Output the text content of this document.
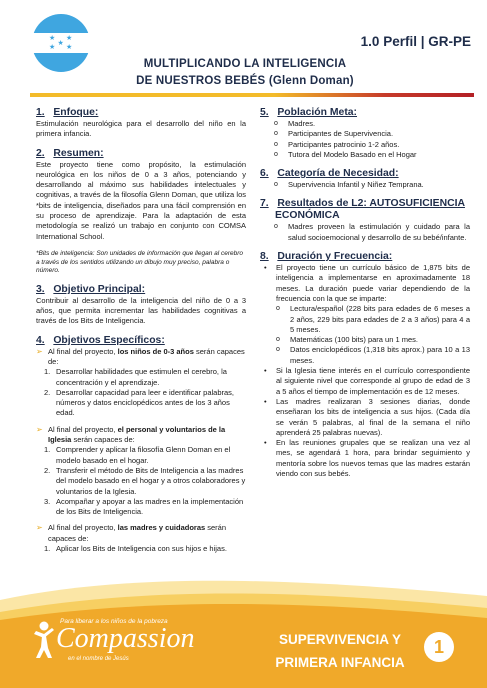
★ ★
★
★ ★	1.0 Perfil | GR-PE
MULTIPLICANDO LA INTELIGENCIA
DE NUESTROS BEBÉS (Glenn Doman)
1. Enfoque:
Estimulación neurológica para el desarrollo del niño en la primera infancia.
2. Resumen:
Este proyecto tiene como propósito, la estimulación neurológica en los niños de 0 a 3 años, potenciando y desarrollando al máximo sus habilidades intelectuales y cognitivas, a través de la filosofía Glenn Doman, que utiliza los *bits de inteligencia, diseñados para una fácil comprensión en su proceso de aprendizaje. Para la adaptación de esta metodología se realizó un trabajo en conjunto con COMSA International School.
*Bits de inteligencia: Son unidades de información que llegan al cerebro a través de los sentidos utilizando un dibujo muy preciso, palabra o número.
3. Objetivo Principal:
Contribuir al desarrollo de la inteligencia del niño de 0 a 3 años, que permita incrementar las habilidades cognitivas a través de los Bits de Inteligencia.
4. Objetivos Específicos:
➢ Al final del proyecto, los niños de 0-3 años serán capaces de:
1. Desarrollar habilidades que estimulen el cerebro, la concentración y el aprendizaje.
2. Desarrollar capacidad para leer e identificar palabras, números y datos enciclopédicos antes de los 3 años edad.
➢ Al final del proyecto, el personal y voluntarios de la Iglesia serán capaces de:
1. Comprender y aplicar la filosofía Glenn Doman en el modelo basado en el hogar.
2. Transferir el método de Bits de Inteligencia a las madres del modelo basado en el hogar y a otros colaboradores y voluntarios de la Iglesia.
3. Acompañar y apoyar a las madres en la implementación de los Bits de Inteligencia.
➢ Al final del proyecto, las madres y cuidadoras serán capaces de:
1. Aplicar los Bits de Inteligencia con sus hijos e hijas.
5. Población Meta:
o Madres.
o Participantes de Supervivencia.
o Participantes patrocinio 1-2 años.
o Tutora del Modelo Basado en el Hogar
6. Categoría de Necesidad:
o Supervivencia Infantil y Niñez Temprana.
7. Resultados de L2: AUTOSUFICIENCIA
ECONÓMICA
o Madres proveen la estimulación y cuidado para la salud socioemocional y desarrollo de su bebé/infante.
8. Duración y Frecuencia:
• El proyecto tiene un currículo básico de 1,875 bits de inteligencia a implementarse en aproximadamente 18 meses. La duración puede variar dependiendo de la frecuencia con la que se imparte:
o Lectura/español (228 bits para edades de 6 meses a 2 años, 229 bits para edades de 2 a 3 años) para 4 a 5 meses.
o Matemáticas (100 bits) para un 1 mes.
o Datos enciclopédicos (1,318 bits aprox.) para 10 a 13 meses.
• Si la Iglesia tiene interés en el currículo correspondiente al siguiente nivel que corresponde al grupo de edad de 3 a 5 años el tiempo de implementación es de 12 meses.
• Las madres realizaran 3 sesiones diarias, donde enseñaran los bits de inteligencia a sus hijos. (Cada día se verán 5 palabras, al final de la semana el niño aprenderá 25 palabras nuevas).
• En las reuniones grupales que se realizan una vez al mes, se agendará 1 hora, para brindar seguimiento y mentoría sobre los nuevos temas que las madres estarán viendo con sus bebés.
Para liberar a los niños de la pobreza
Compassion
en el nombre de Jesús
SUPERVIVENCIA Y
PRIMERA INFANCIA
1
